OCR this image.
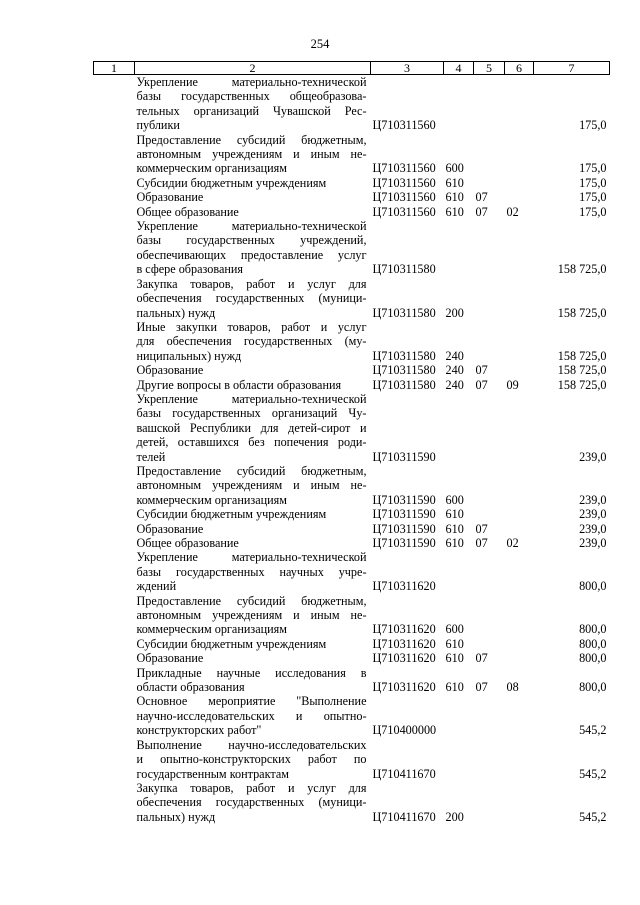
254
1	2	3	4	5	6	7

	Укрепление материально-технической
базы государственных общеобразова-
тельных организаций Чувашской Рес-
публики	Ц710311560				175,0

	Предоставление субсидий бюджетным,
автономным учреждениям и иным не-
коммерческим организациям	Ц710311560	600			175,0

	Субсидии бюджетным учреждениям	Ц710311560	610			175,0

	Образование	Ц710311560	610	07		175,0

	Общее образование	Ц710311560	610	07	02	175,0

	Укрепление материально-технической
базы государственных учреждений,
обеспечивающих предоставление услуг
в сфере образования	Ц710311580				158 725,0

	Закупка товаров, работ и услуг для
обеспечения государственных (муници-
пальных) нужд	Ц710311580	200			158 725,0

	Иные закупки товаров, работ и услуг
для обеспечения государственных (му-
ниципальных) нужд	Ц710311580	240			158 725,0

	Образование	Ц710311580	240	07		158 725,0

	Другие вопросы в области образования	Ц710311580	240	07	09	158 725,0

	Укрепление материально-технической
базы государственных организаций Чу-
вашской Республики для детей-сирот и
детей, оставшихся без попечения роди-
телей	Ц710311590				239,0

	Предоставление субсидий бюджетным,
автономным учреждениям и иным не-
коммерческим организациям	Ц710311590	600			239,0

	Субсидии бюджетным учреждениям	Ц710311590	610			239,0

	Образование	Ц710311590	610	07		239,0

	Общее образование	Ц710311590	610	07	02	239,0

	Укрепление материально-технической
базы государственных научных учре-
ждений	Ц710311620				800,0

	Предоставление субсидий бюджетным,
автономным учреждениям и иным не-
коммерческим организациям	Ц710311620	600			800,0

	Субсидии бюджетным учреждениям	Ц710311620	610			800,0

	Образование	Ц710311620	610	07		800,0

	Прикладные научные исследования в
области образования	Ц710311620	610	07	08	800,0

	Основное мероприятие "Выполнение
научно-исследовательских и опытно-
конструкторских работ"	Ц710400000				545,2

	Выполнение научно-исследовательских
и опытно-конструкторских работ по
государственным контрактам	Ц710411670				545,2

	Закупка товаров, работ и услуг для
обеспечения государственных (муници-
пальных) нужд	Ц710411670	200			545,2
